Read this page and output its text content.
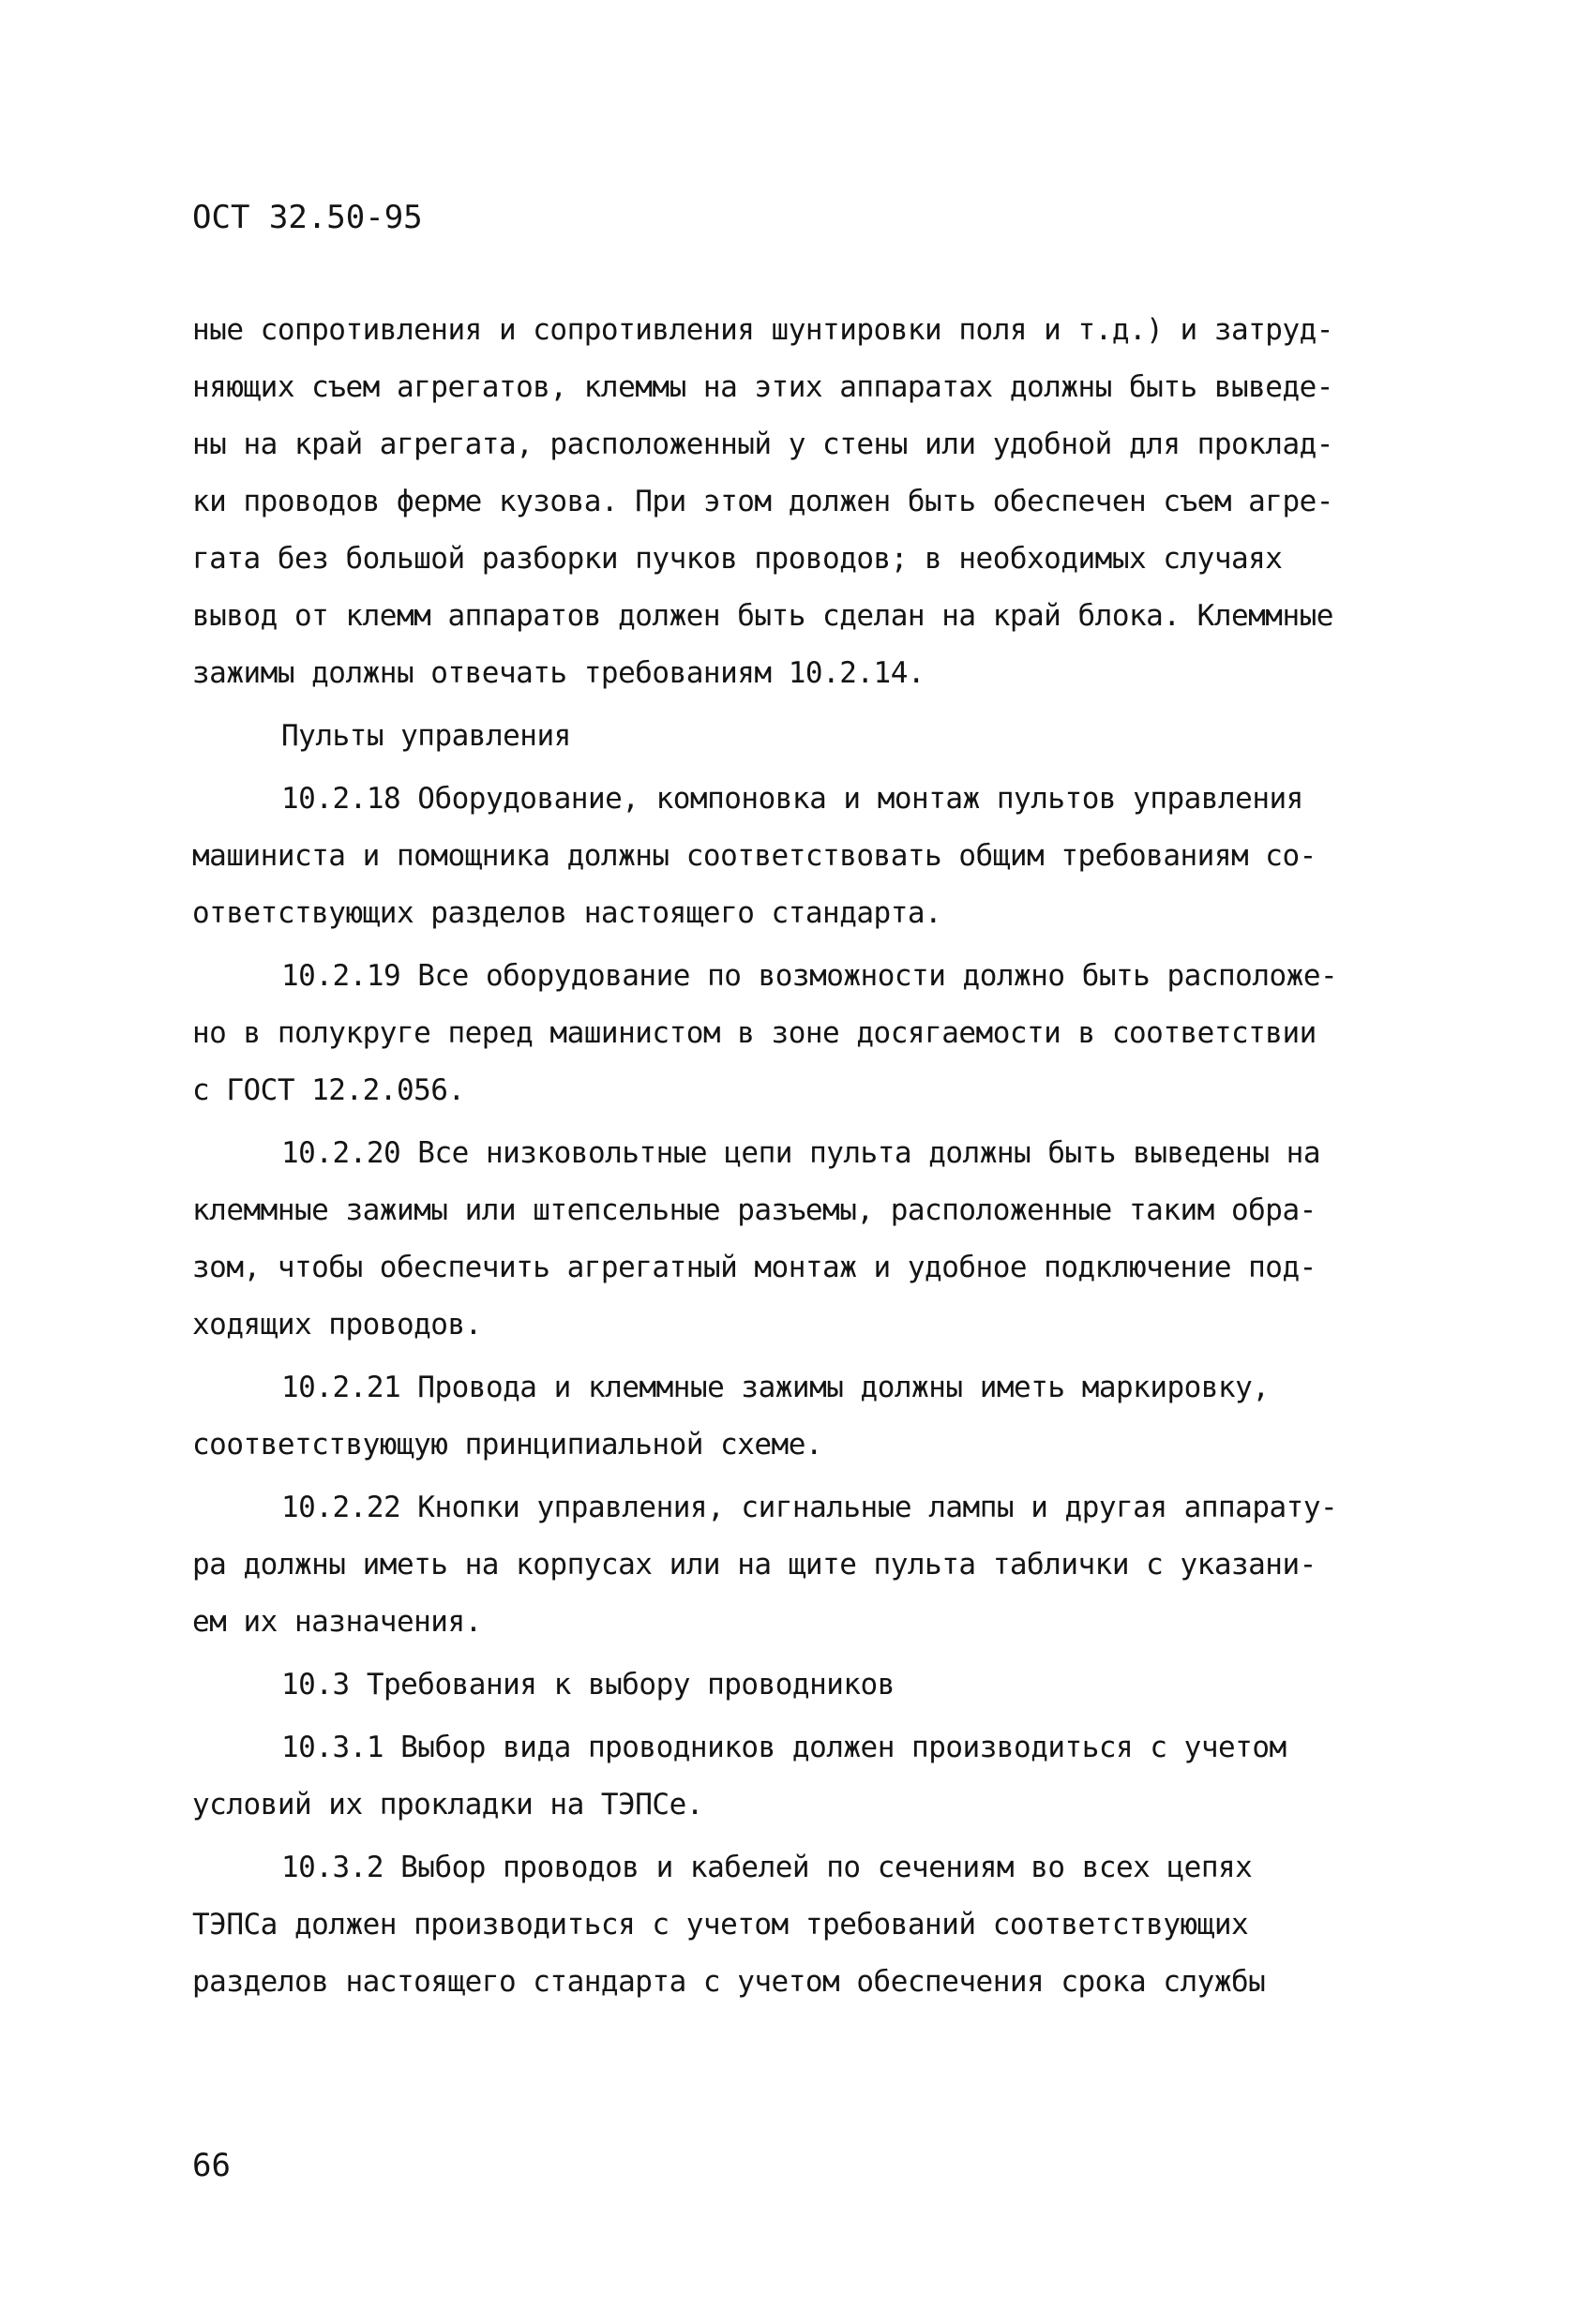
ОСТ 32.50-95
ные сопротивления и сопротивления шунтировки поля и т.д.) и затруд-
няющих съем агрегатов, клеммы на этих аппаратах должны быть выведе-
ны на край агрегата, расположенный у стены или удобной для проклад-
ки проводов ферме кузова. При этом должен быть обеспечен съем агре-
гата без большой разборки пучков проводов; в необходимых случаях
вывод от клемм аппаратов должен быть сделан на край блока. Клеммные
зажимы должны отвечать требованиям 10.2.14.
Пульты управления
10.2.18 Оборудование, компоновка и монтаж пультов управления
машиниста и помощника должны соответствовать общим требованиям со-
ответствующих разделов настоящего стандарта.
10.2.19 Все оборудование по возможности должно быть расположе-
но в полукруге перед машинистом в зоне досягаемости в соответствии
с ГОСТ 12.2.056.
10.2.20 Все низковольтные цепи пульта должны быть выведены на
клеммные зажимы или штепсельные разъемы, расположенные таким обра-
зом, чтобы обеспечить агрегатный монтаж и удобное подключение под-
ходящих проводов.
10.2.21 Провода и клеммные зажимы должны иметь маркировку,
соответствующую принципиальной схеме.
10.2.22 Кнопки управления, сигнальные лампы и другая аппарату-
ра должны иметь на корпусах или на щите пульта таблички с указани-
ем их назначения.
10.3 Требования к выбору проводников
10.3.1 Выбор вида проводников должен производиться с учетом
условий их прокладки на ТЭПСе.
10.3.2 Выбор проводов и кабелей по сечениям во всех цепях
ТЭПСа должен производиться с учетом требований соответствующих
разделов настоящего стандарта с учетом обеспечения срока службы
66
